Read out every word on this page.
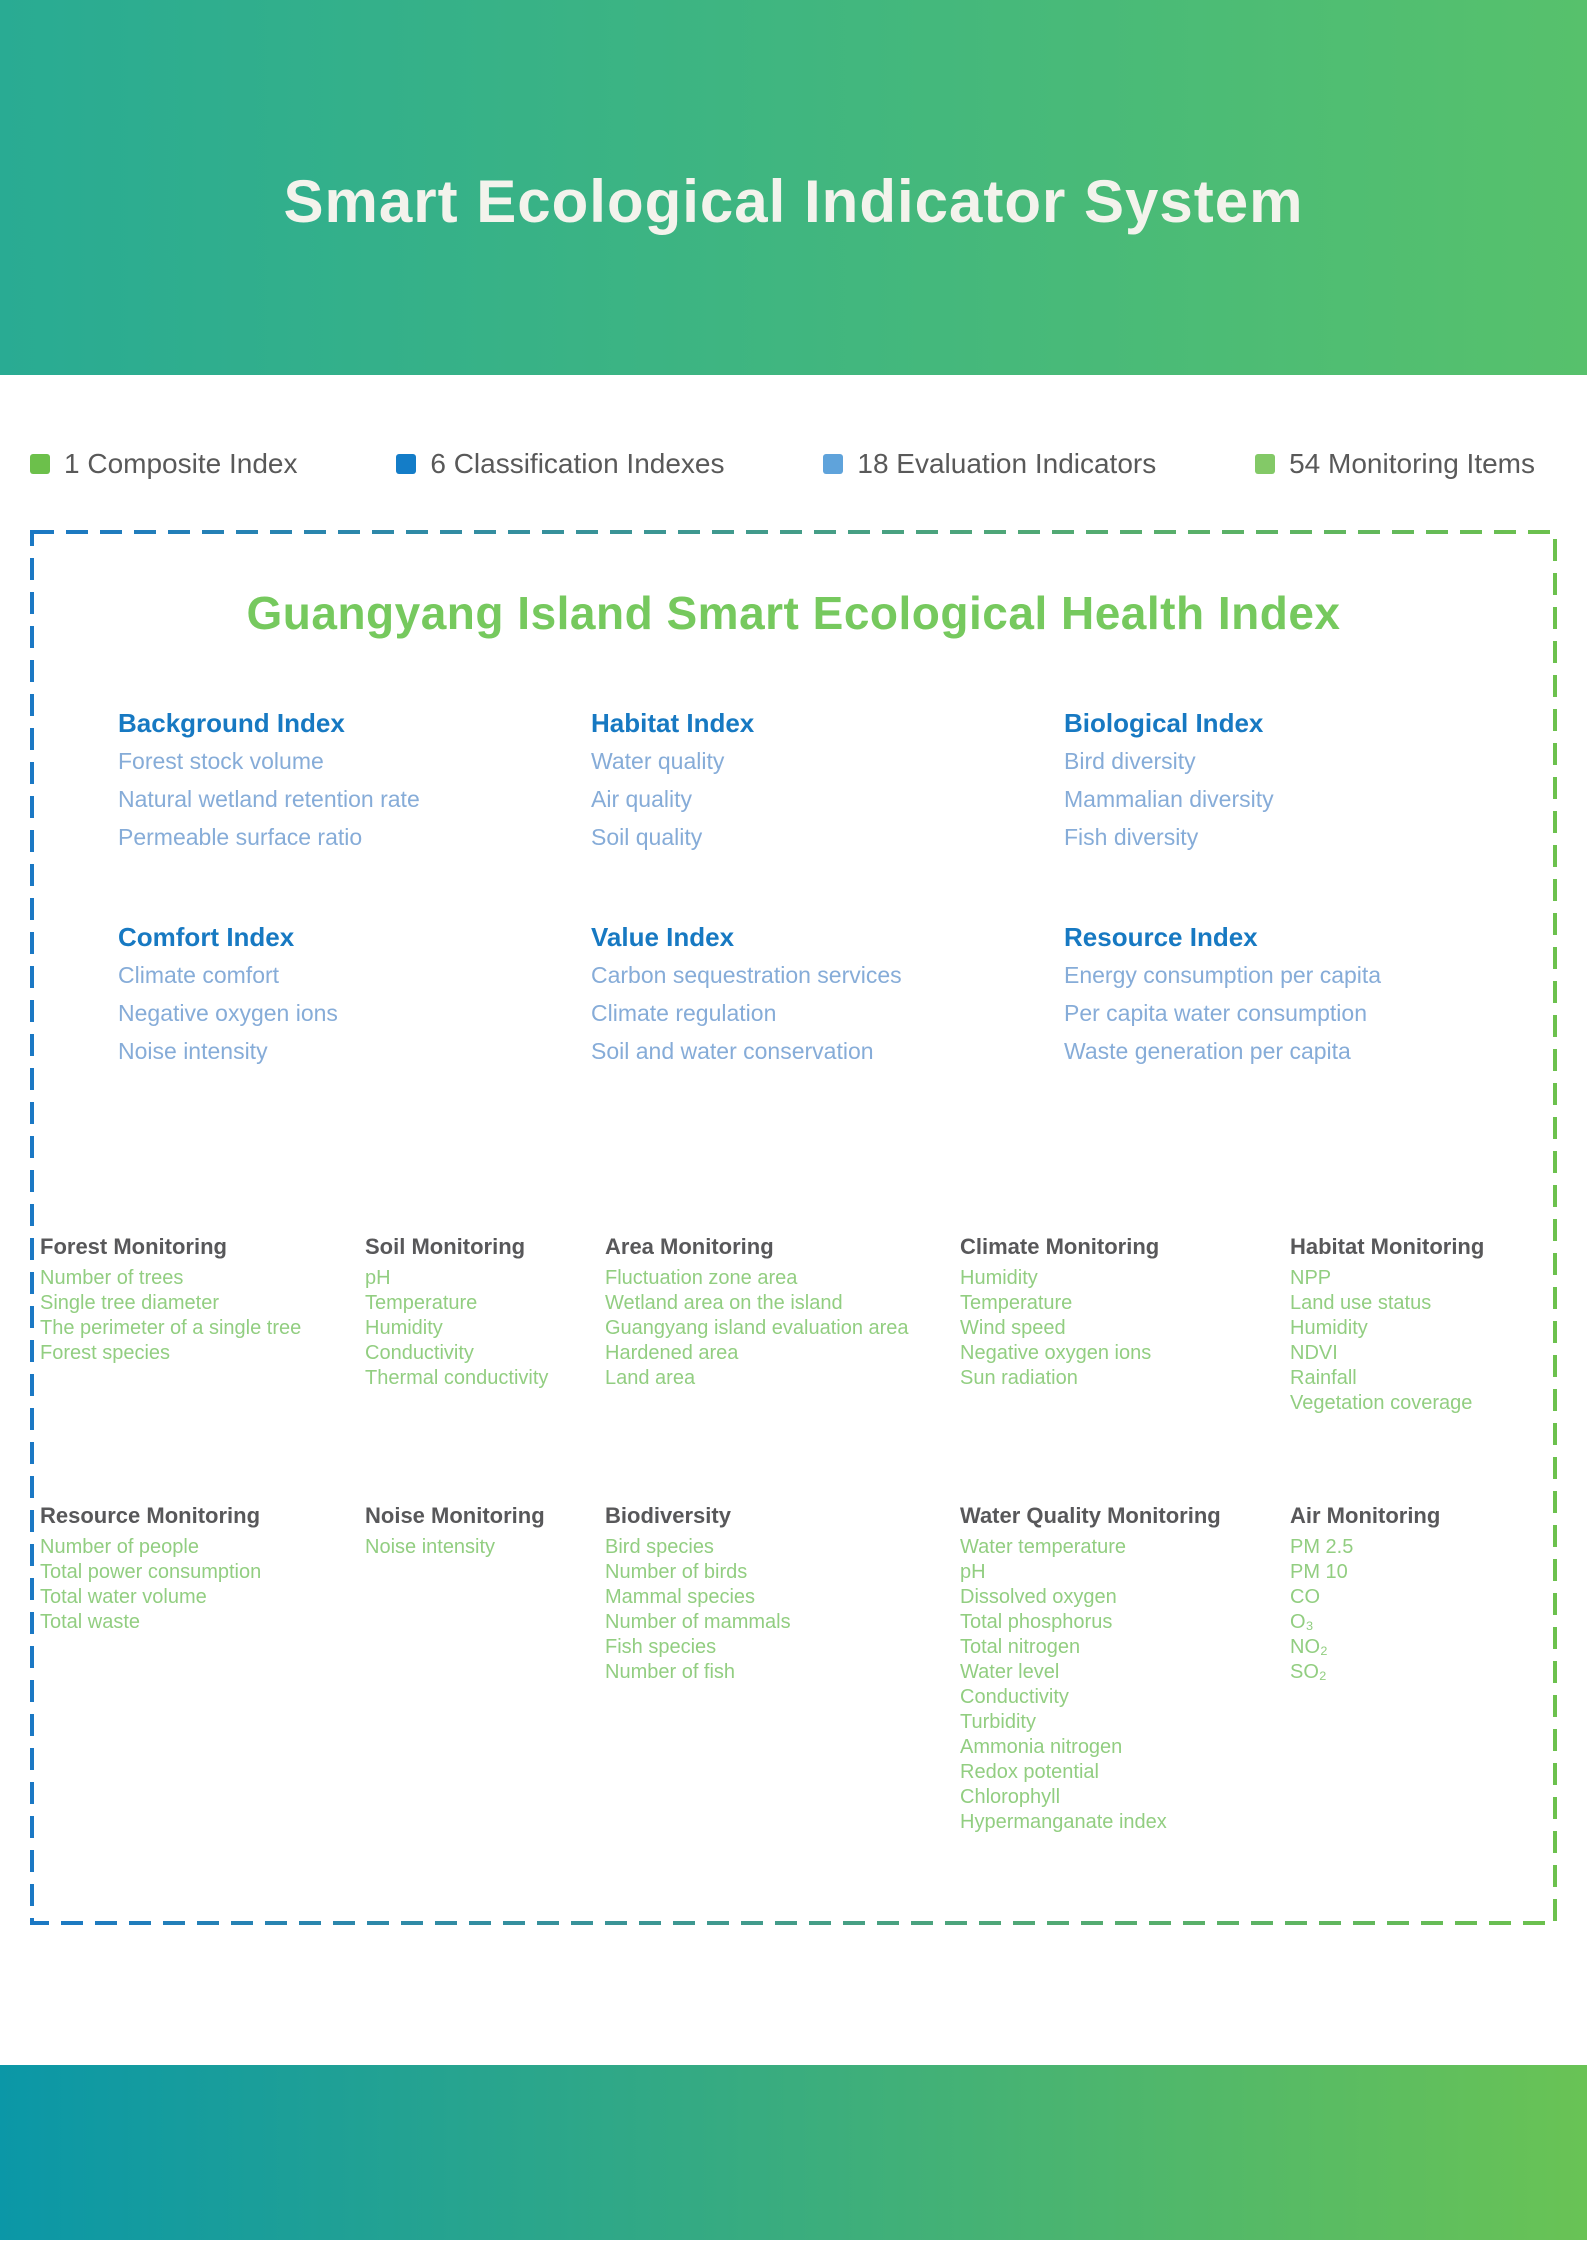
Smart Ecological Indicator System
1 Composite Index	6 Classification Indexes	18 Evaluation Indicators	54 Monitoring Items
Guangyang Island Smart Ecological Health Index
Background Index
Forest stock volume
Natural wetland retention rate
Permeable surface ratio
Habitat Index
Water quality
Air quality
Soil quality
Biological Index
Bird diversity
Mammalian diversity
Fish diversity
Comfort Index
Climate comfort
Negative oxygen ions
Noise intensity
Value Index
Carbon sequestration services
Climate regulation
Soil and water conservation
Resource Index
Energy consumption per capita
Per capita water consumption
Waste generation per capita
Forest Monitoring
Number of trees
Single tree diameter
The perimeter of a single tree
Forest species
Soil Monitoring
pH
Temperature
Humidity
Conductivity
Thermal conductivity
Area Monitoring
Fluctuation zone area
Wetland area on the island
Guangyang island evaluation area
Hardened area
Land area
Climate Monitoring
Humidity
Temperature
Wind speed
Negative oxygen ions
Sun radiation
Habitat Monitoring
NPP
Land use status
Humidity
NDVI
Rainfall
Vegetation coverage
Resource Monitoring
Number of people
Total power consumption
Total water volume
Total waste
Noise Monitoring
Noise intensity
Biodiversity
Bird species
Number of birds
Mammal species
Number of mammals
Fish species
Number of fish
Water Quality Monitoring
Water temperature
pH
Dissolved oxygen
Total phosphorus
Total nitrogen
Water level
Conductivity
Turbidity
Ammonia nitrogen
Redox potential
Chlorophyll
Hypermanganate index
Air Monitoring
PM 2.5
PM 10
CO
O₃
NO₂
SO₂
